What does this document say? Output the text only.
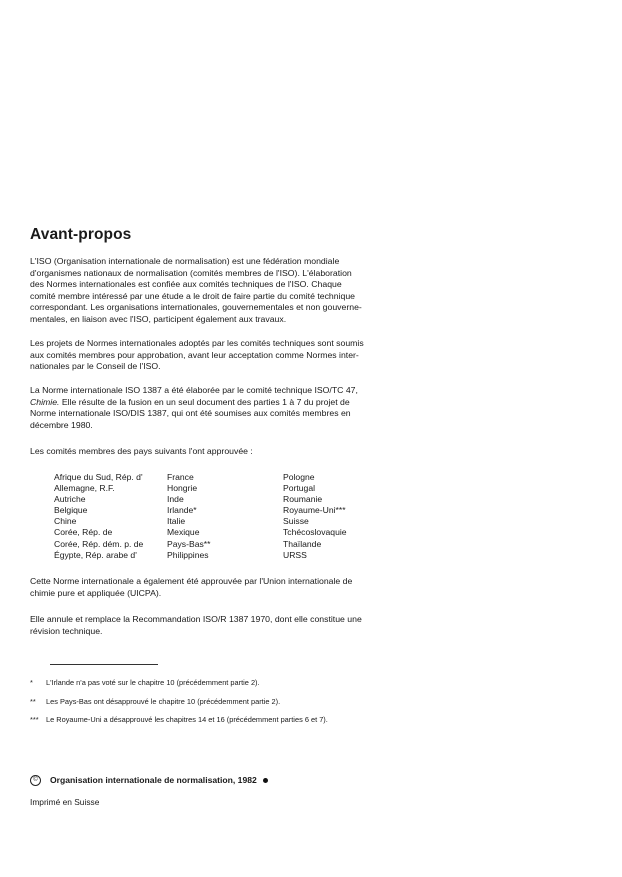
Avant-propos
L'ISO (Organisation internationale de normalisation) est une fédération mondiale
d'organismes nationaux de normalisation (comités membres de l'ISO). L'élaboration
des Normes internationales est confiée aux comités techniques de l'ISO. Chaque
comité membre intéressé par une étude a le droit de faire partie du comité technique
correspondant. Les organisations internationales, gouvernementales et non gouverne-
mentales, en liaison avec l'ISO, participent également aux travaux.
Les projets de Normes internationales adoptés par les comités techniques sont soumis
aux comités membres pour approbation, avant leur acceptation comme Normes inter-
nationales par le Conseil de l'ISO.
La Norme internationale ISO 1387 a été élaborée par le comité technique ISO/TC 47,
Chimie. Elle résulte de la fusion en un seul document des parties 1 à 7 du projet de
Norme internationale ISO/DIS 1387, qui ont été soumises aux comités membres en
décembre 1980.

Les comités membres des pays suivants l'ont approuvée :

Afrique du Sud, Rép. d'
Allemagne, R.F.
Autriche
Belgique
Chine
Corée, Rép. de
Corée, Rép. dém. p. de
Égypte, Rép. arabe d'
France
Hongrie
Inde
Irlande*
Italie
Mexique
Pays-Bas**
Philippines
Pologne
Portugal
Roumanie
Royaume-Uni***
Suisse
Tchécoslovaquie
Thaïlande
URSS
Cette Norme internationale a également été approuvée par l'Union internationale de
chimie pure et appliquée (UICPA).
Elle annule et remplace la Recommandation ISO/R 1387 1970, dont elle constitue une
révision technique.
* L'Irlande n'a pas voté sur le chapitre 10 (précédemment partie 2).
** Les Pays-Bas ont désapprouvé le chapitre 10 (précédemment partie 2).
*** Le Royaume-Uni a désapprouvé les chapitres 14 et 16 (précédemment parties 6 et 7).
© Organisation internationale de normalisation, 1982
Imprimé en Suisse
